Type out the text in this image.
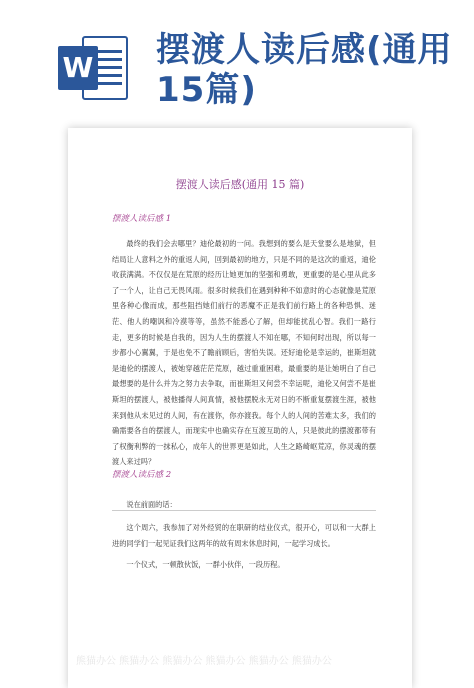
W 摆渡人读后感(通用15篇)
摆渡人读后感(通用 15 篇)
摆渡人读后感 1

最终的我们会去哪里？迪伦最初的一问。我想到的要么是天堂要么是地狱，但结局让人意料之外的重返人间，回到最初的地方，只是不同的是这次的重返，迪伦收获满满。不仅仅是在荒原的经历让她更加的坚强和勇敢，更重要的是心里从此多了一个人，让自己无畏风雨。很多时候我们在遇到种种不如意时的心态就像是荒原里各种心像而成，那些阻挡她们前行的恶魔不正是我们前行路上的各种恐惧、迷茫、他人的嘲讽和冷漠等等，虽然不能悉心了解，但却能扰乱心智。我们一路行走，更多的时候是自我的，因为人生的摆渡人不知在哪，不知何时出现，所以每一步都小心翼翼，于是也免不了瞻前顾后，害怕失误。还好迪伦是幸运的，崔斯坦就是迪伦的摆渡人，被她穿越茫茫荒原，越过重重困难，最重要的是让她明白了自己最想要的是什么并为之努力去争取，而崔斯坦又何尝不幸运呢，迪伦又何尝不是崔斯坦的摆渡人，被他播得人间真情，被他摆脱永无对日的不断重复摆渡生涯，被他来到他从未见过的人间，有在渡你，你亦渡我。每个人的人间的苦难太多，我们的确需要各自的摆渡人，而现实中也确实存在互渡互助的人，只是彼此的摆渡都带有了权衡利弊的一抹私心，成年人的世界更是如此，人生之路崎岖荒凉，你灵魂的摆渡人来过吗？

摆渡人读后感 2
说在前面的话：

这个周六，我参加了对外经贸的在职研的结业仪式，很开心，可以和一大群上进的同学们一起见证我们这两年的故有周末休息时间，一起学习成长。

一个仪式，一顿散伙饭，一群小伙伴，一段历程。
熊猫办公 熊猫办公 熊猫办公 熊猫办公 熊猫办公 熊猫办公
